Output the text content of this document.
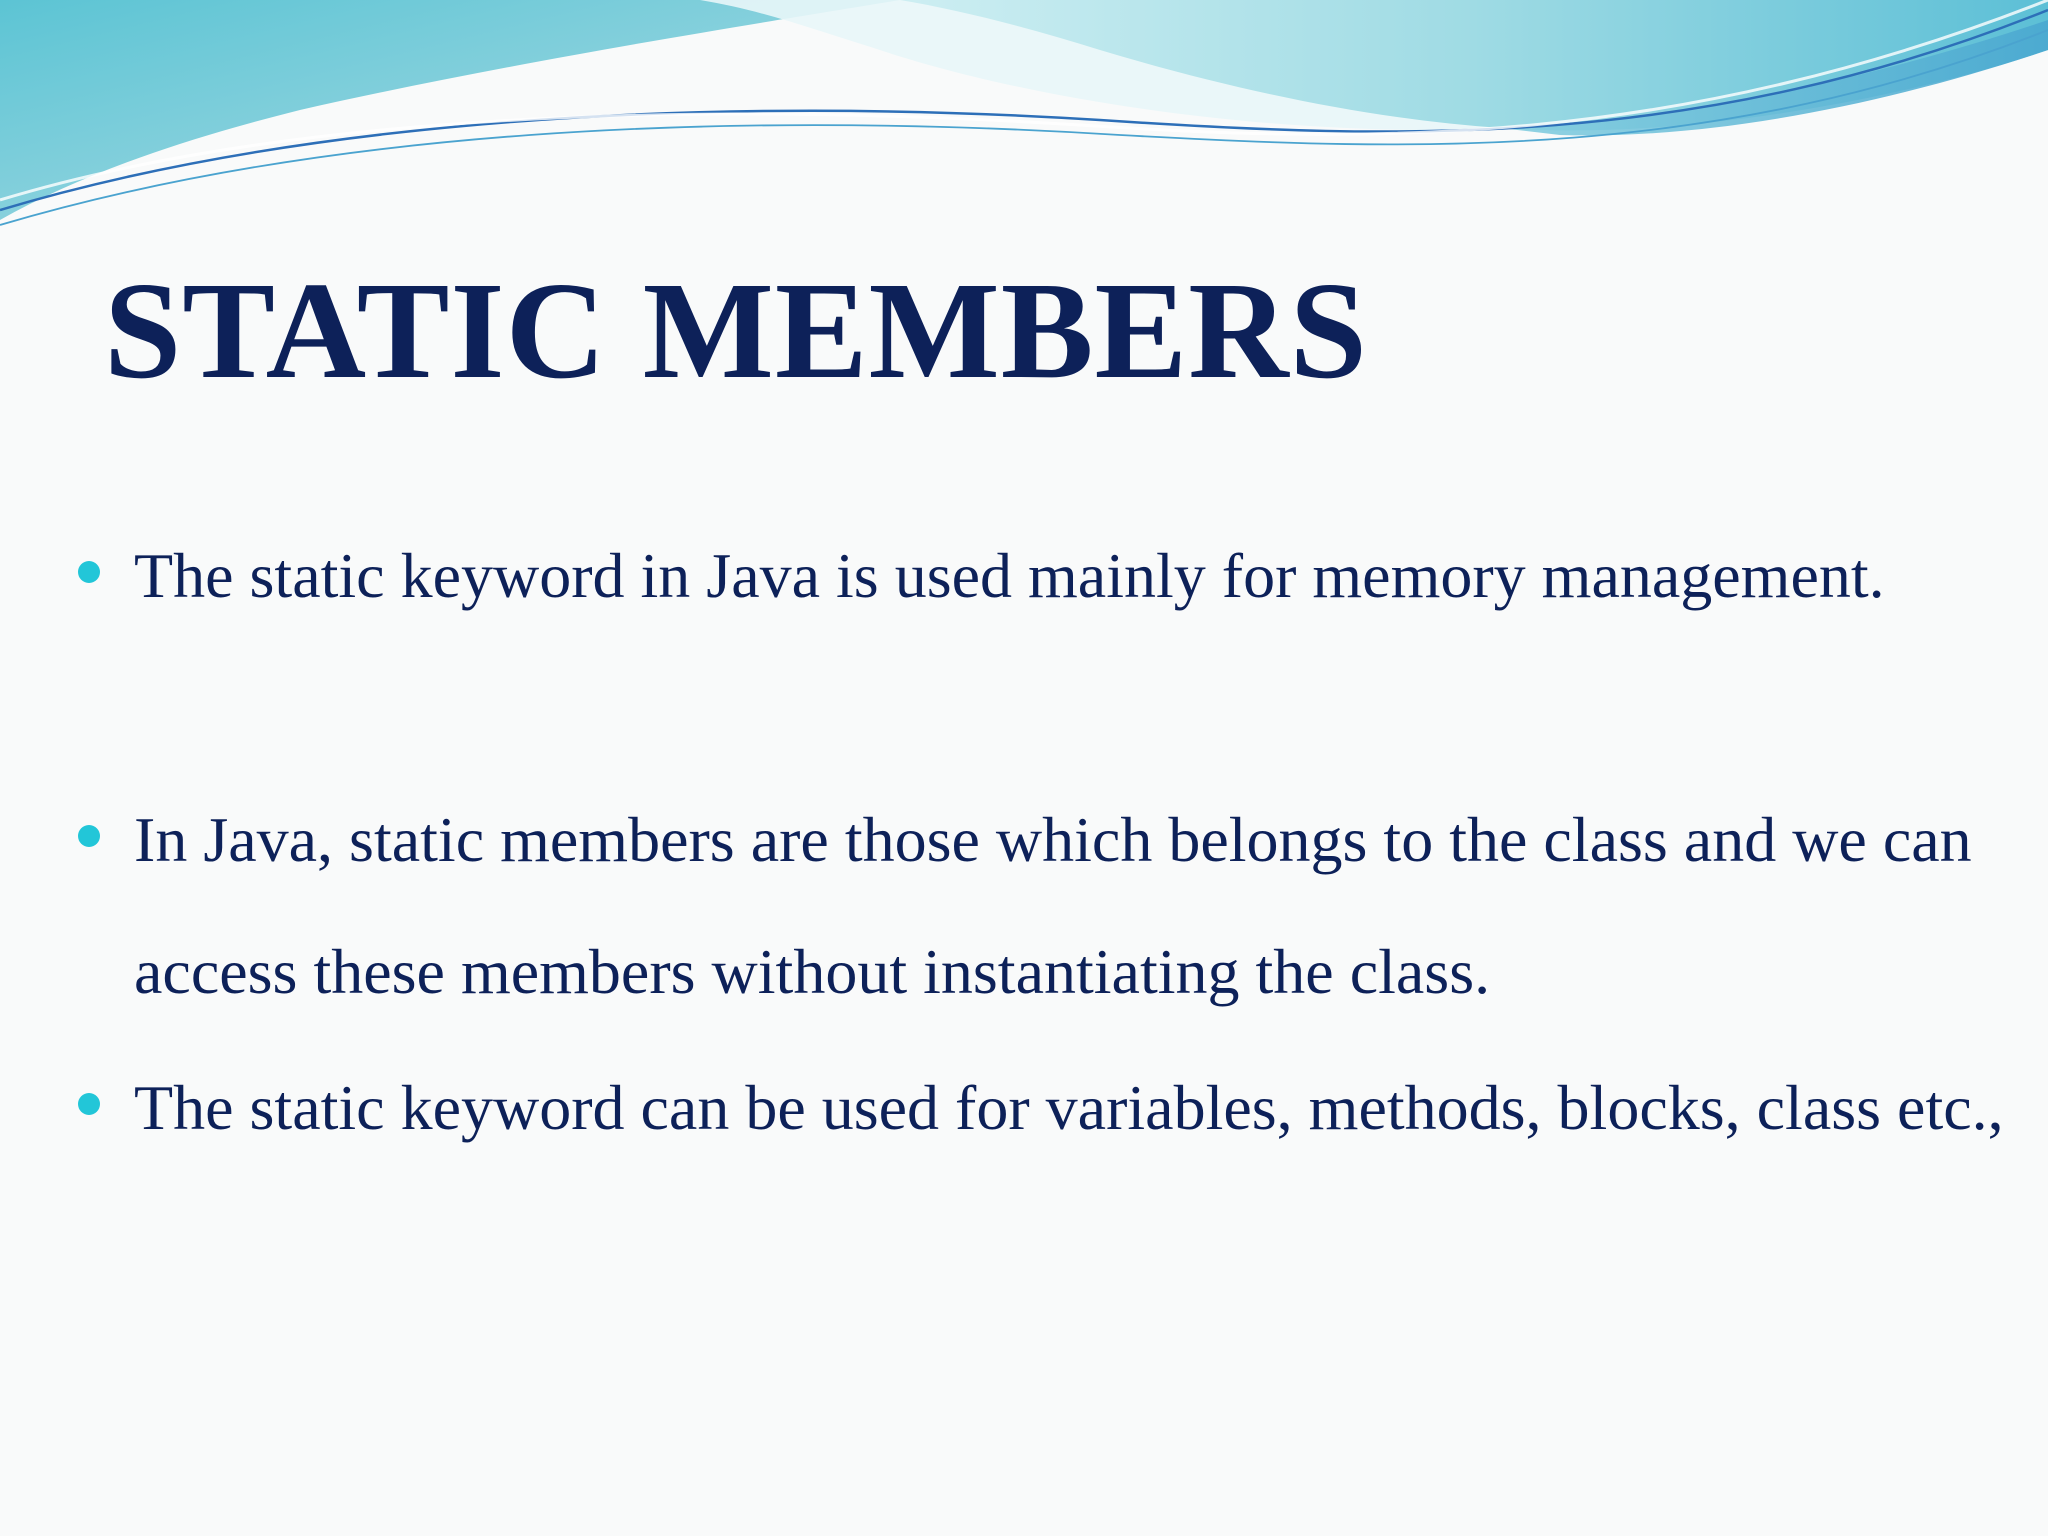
STATIC MEMBERS

The static keyword in Java is used mainly for memory management.

In Java, static members are those which belongs to the class and we can access these members without instantiating the class.

The static keyword can be used for variables, methods, blocks, class etc.,
